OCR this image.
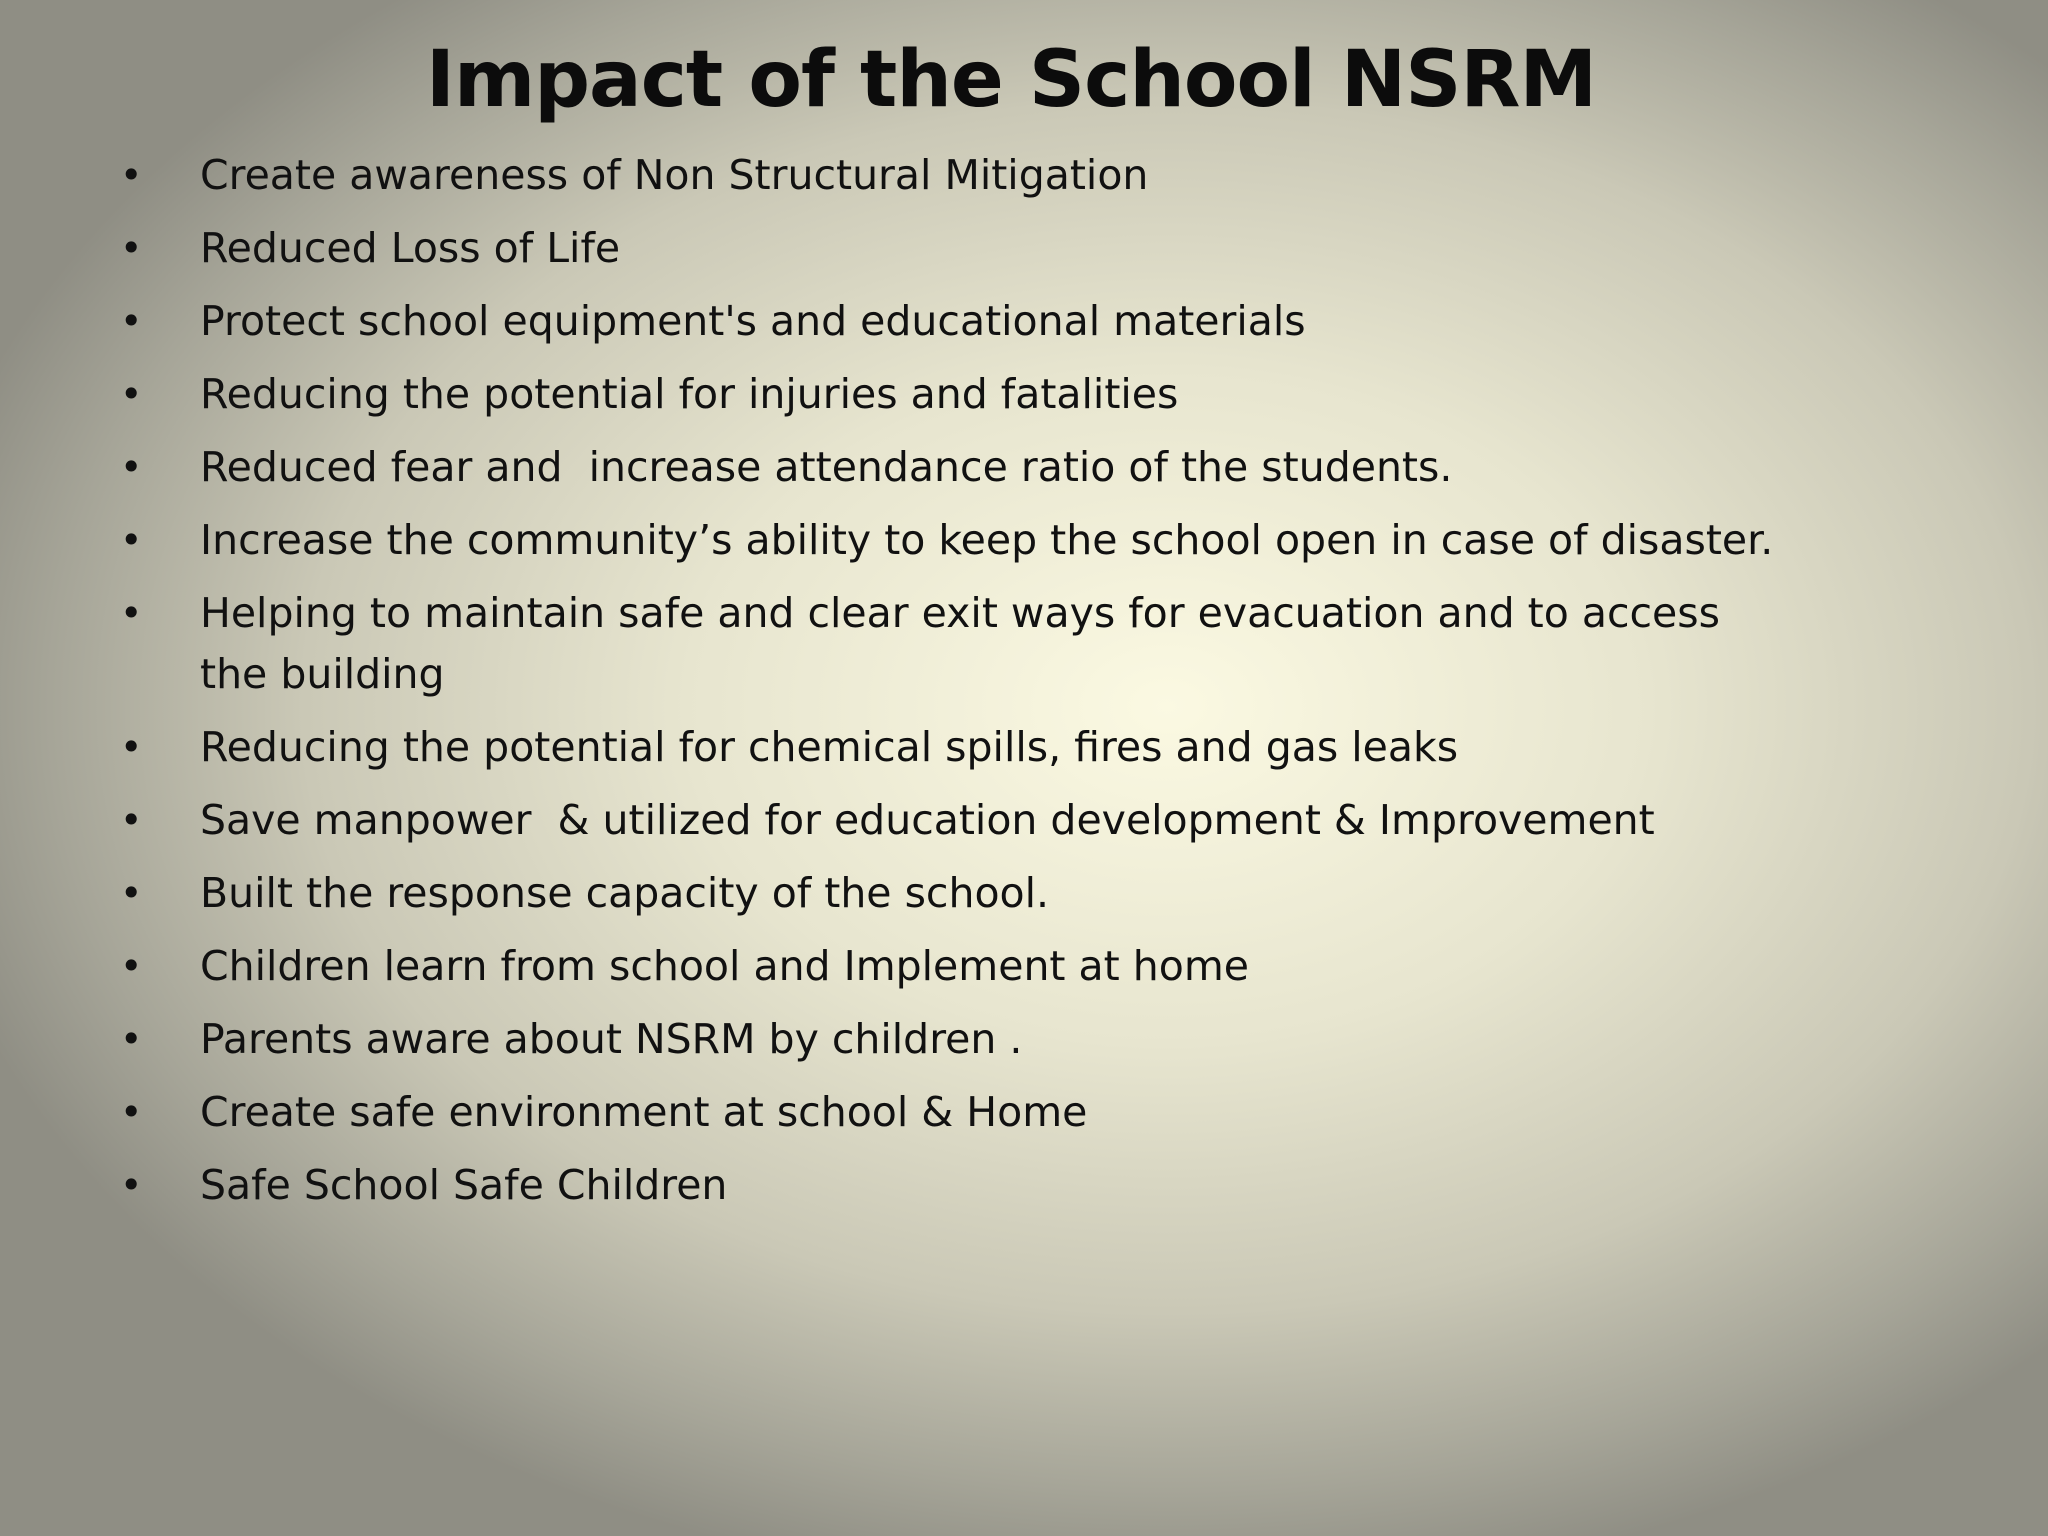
Impact of the School NSRM
•	Create awareness of Non Structural Mitigation
•	Reduced Loss of Life
•	Protect school equipment's and educational materials
•	Reducing the potential for injuries and fatalities
•	Reduced fear and  increase attendance ratio of the students.
•	Increase the community’s ability to keep the school open in case of disaster.
•	Helping to maintain safe and clear exit ways for evacuation and to access the building
•	Reducing the potential for chemical spills, fires and gas leaks
•	Save manpower  & utilized for education development & Improvement
•	Built the response capacity of the school.
•	Children learn from school and Implement at home
•	Parents aware about NSRM by children .
•	Create safe environment at school & Home
•	Safe School Safe Children
